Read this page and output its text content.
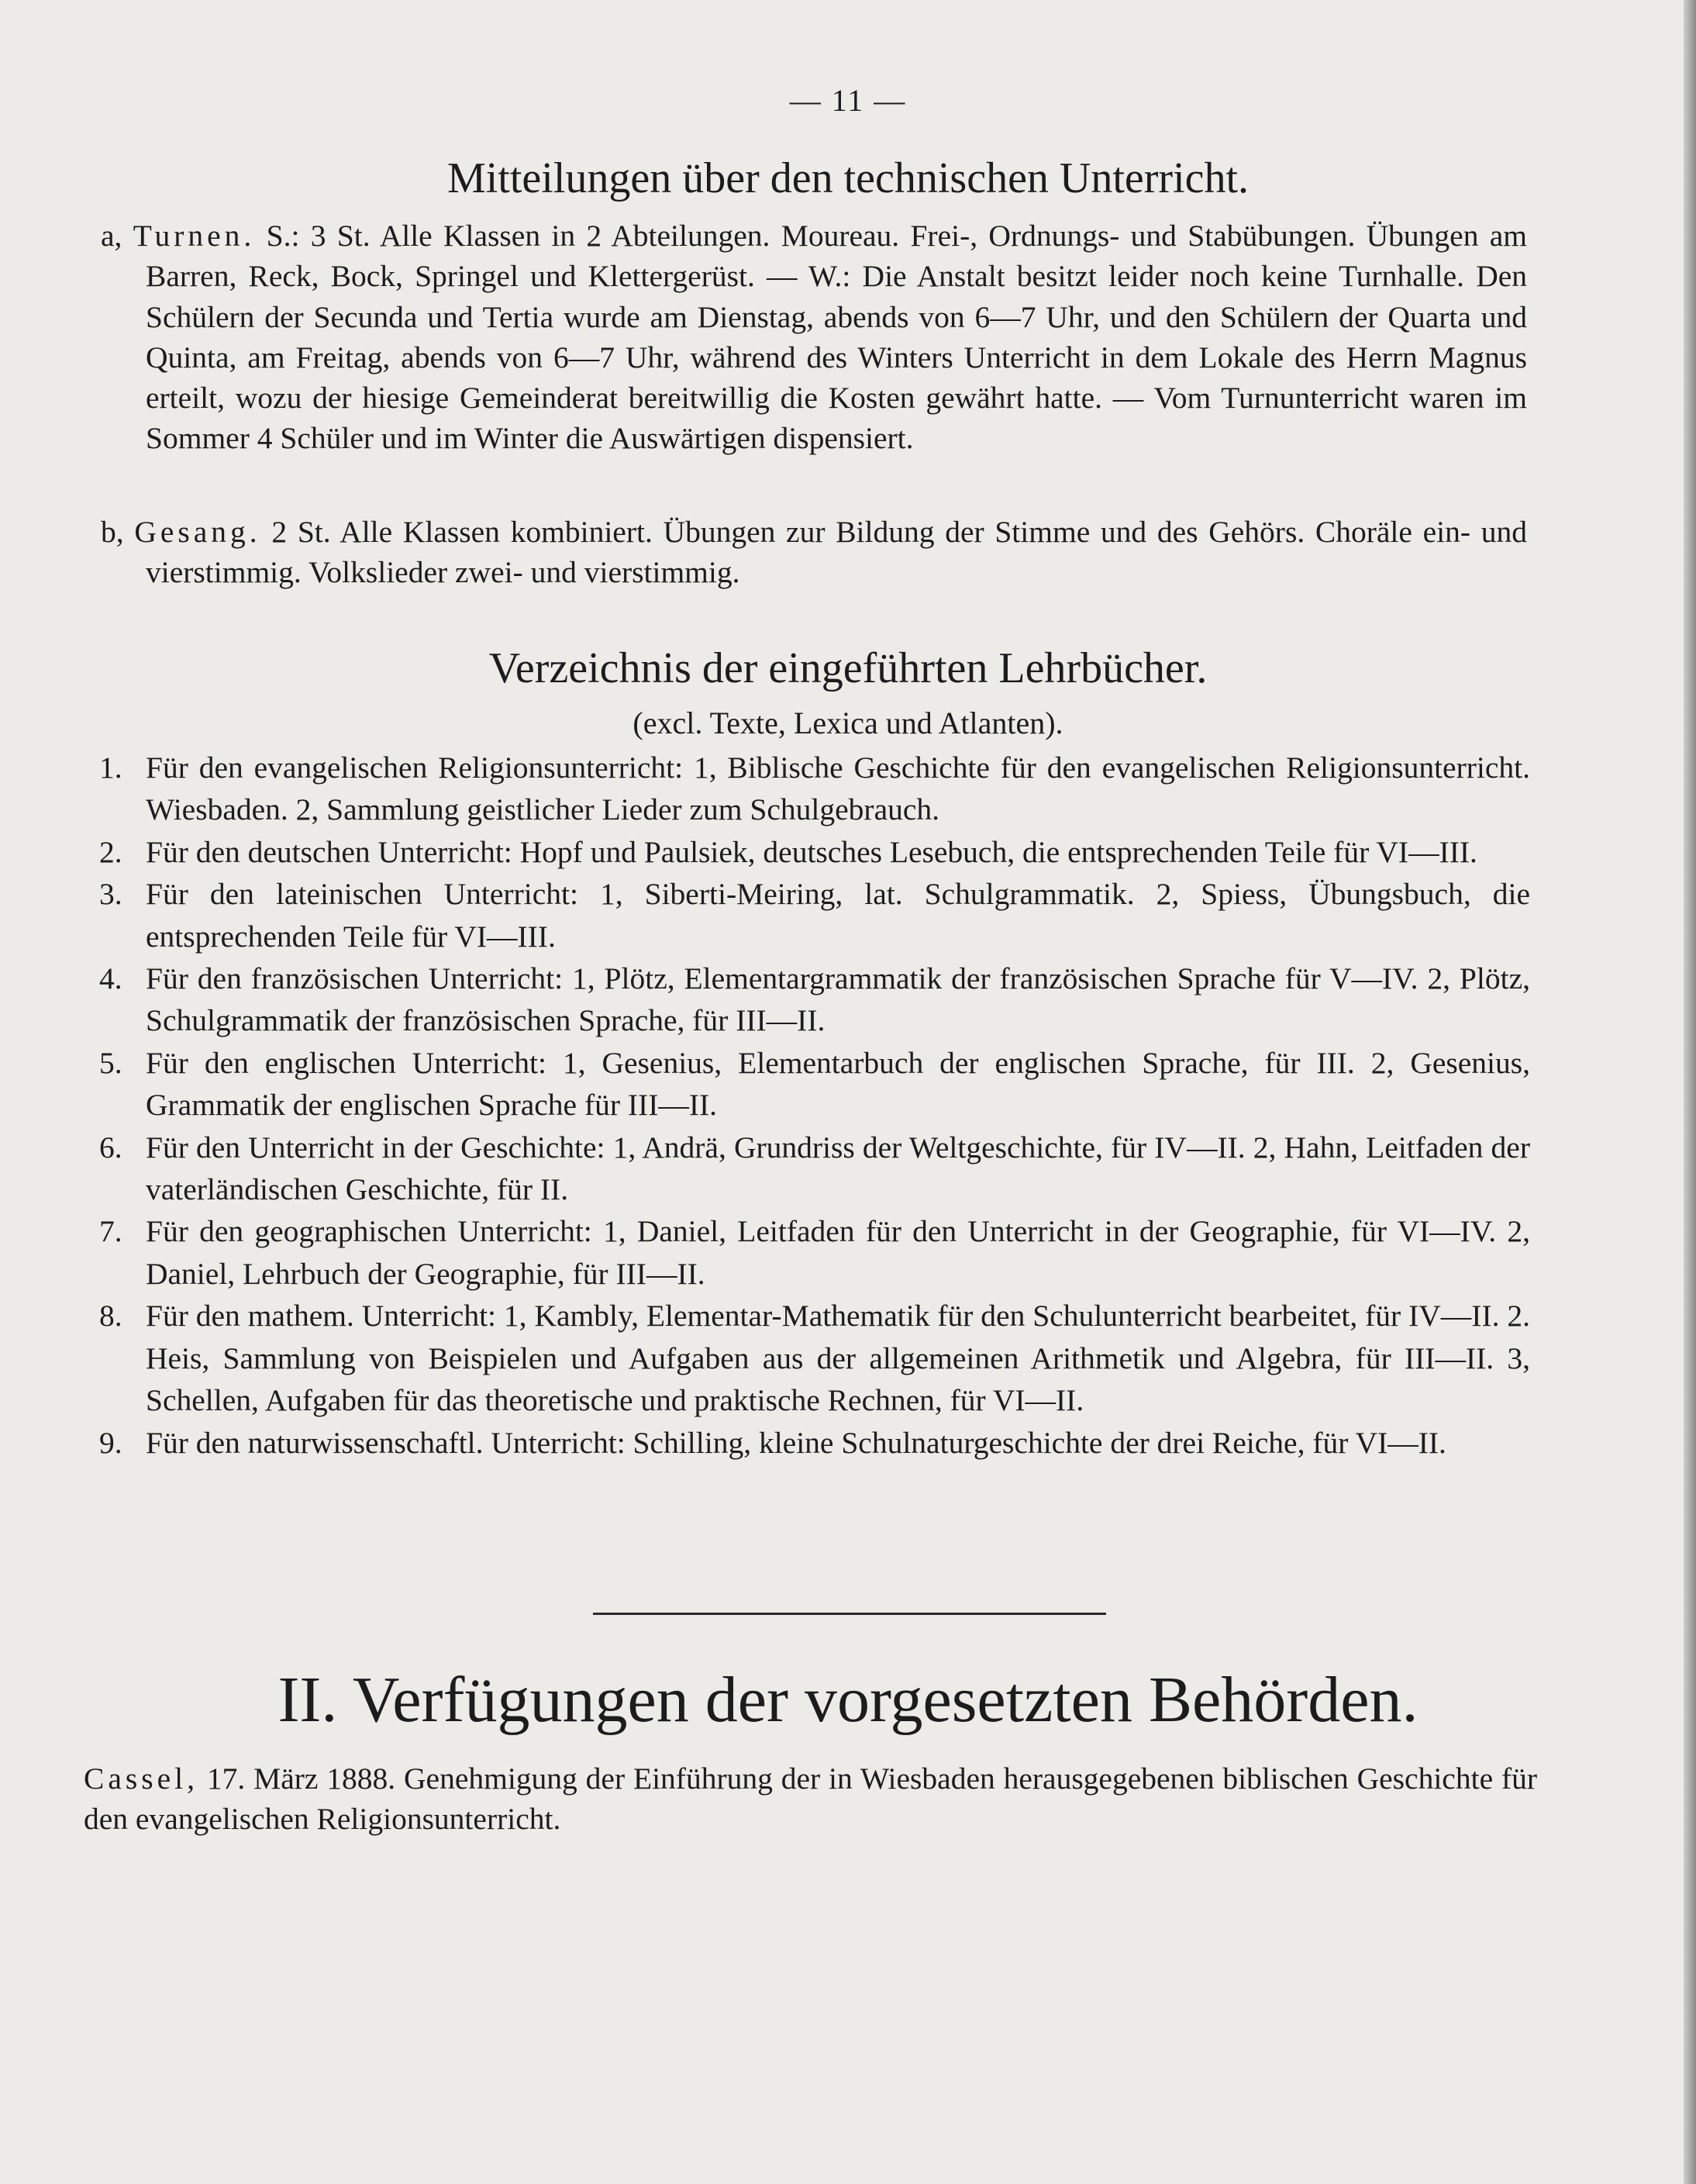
— 11 —
Mitteilungen über den technischen Unterricht.
a, Turnen. S.: 3 St. Alle Klassen in 2 Abteilungen. Moureau. Frei-, Ordnungs- und Stabübungen. Übungen am Barren, Reck, Bock, Springel und Klettergerüst. — W.: Die Anstalt besitzt leider noch keine Turnhalle. Den Schülern der Secunda und Tertia wurde am Dienstag, abends von 6—7 Uhr, und den Schülern der Quarta und Quinta, am Freitag, abends von 6—7 Uhr, während des Winters Unterricht in dem Lokale des Herrn Magnus erteilt, wozu der hiesige Gemeinderat bereitwillig die Kosten gewährt hatte. — Vom Turnunterricht waren im Sommer 4 Schüler und im Winter die Auswärtigen dispensiert.
b, Gesang. 2 St. Alle Klassen kombiniert. Übungen zur Bildung der Stimme und des Gehörs. Choräle ein- und vierstimmig. Volkslieder zwei- und vierstimmig.
Verzeichnis der eingeführten Lehrbücher.
(excl. Texte, Lexica und Atlanten).
1. Für den evangelischen Religionsunterricht: 1, Biblische Geschichte für den evangelischen Religionsunterricht. Wiesbaden. 2, Sammlung geistlicher Lieder zum Schulgebrauch.
2. Für den deutschen Unterricht: Hopf und Paulsiek, deutsches Lesebuch, die entsprechenden Teile für VI—III.
3. Für den lateinischen Unterricht: 1, Siberti-Meiring, lat. Schulgrammatik. 2, Spiess, Übungsbuch, die entsprechenden Teile für VI—III.
4. Für den französischen Unterricht: 1, Plötz, Elementargrammatik der französischen Sprache für V—IV. 2, Plötz, Schulgrammatik der französischen Sprache, für III—II.
5. Für den englischen Unterricht: 1, Gesenius, Elementarbuch der englischen Sprache, für III. 2, Gesenius, Grammatik der englischen Sprache für III—II.
6. Für den Unterricht in der Geschichte: 1, Andrä, Grundriss der Weltgeschichte, für IV—II. 2, Hahn, Leitfaden der vaterländischen Geschichte, für II.
7. Für den geographischen Unterricht: 1, Daniel, Leitfaden für den Unterricht in der Geographie, für VI—IV. 2, Daniel, Lehrbuch der Geographie, für III—II.
8. Für den mathem. Unterricht: 1, Kambly, Elementar-Mathematik für den Schulunterricht bearbeitet, für IV—II. 2. Heis, Sammlung von Beispielen und Aufgaben aus der allgemeinen Arithmetik und Algebra, für III—II. 3, Schellen, Aufgaben für das theoretische und praktische Rechnen, für VI—II.
9. Für den naturwissenschaftl. Unterricht: Schilling, kleine Schulnaturgeschichte der drei Reiche, für VI—II.
II. Verfügungen der vorgesetzten Behörden.
Cassel, 17. März 1888. Genehmigung der Einführung der in Wiesbaden herausgegebenen biblischen Geschichte für den evangelischen Religionsunterricht.
